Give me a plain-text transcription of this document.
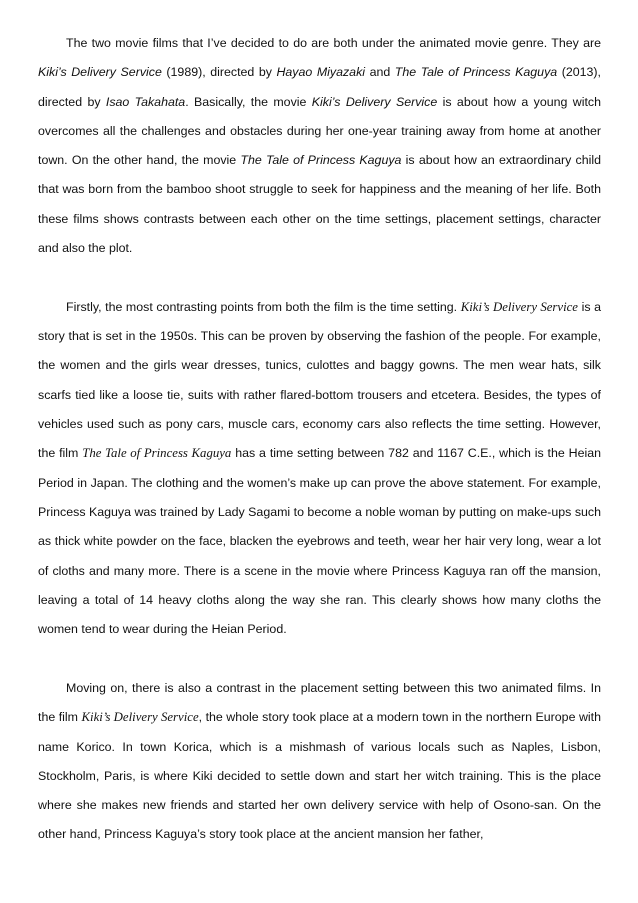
The two movie films that I’ve decided to do are both under the animated movie genre. They are Kiki’s Delivery Service (1989), directed by Hayao Miyazaki and The Tale of Princess Kaguya (2013), directed by Isao Takahata. Basically, the movie Kiki’s Delivery Service is about how a young witch overcomes all the challenges and obstacles during her one-year training away from home at another town. On the other hand, the movie The Tale of Princess Kaguya is about how an extraordinary child that was born from the bamboo shoot struggle to seek for happiness and the meaning of her life. Both these films shows contrasts between each other on the time settings, placement settings, character and also the plot.

Firstly, the most contrasting points from both the film is the time setting. Kiki’s Delivery Service is a story that is set in the 1950s. This can be proven by observing the fashion of the people. For example, the women and the girls wear dresses, tunics, culottes and baggy gowns. The men wear hats, silk scarfs tied like a loose tie, suits with rather flared-bottom trousers and etcetera. Besides, the types of vehicles used such as pony cars, muscle cars, economy cars also reflects the time setting. However, the film The Tale of Princess Kaguya has a time setting between 782 and 1167 C.E., which is the Heian Period in Japan. The clothing and the women’s make up can prove the above statement. For example, Princess Kaguya was trained by Lady Sagami to become a noble woman by putting on make-ups such as thick white powder on the face, blacken the eyebrows and teeth, wear her hair very long, wear a lot of cloths and many more. There is a scene in the movie where Princess Kaguya ran off the mansion, leaving a total of 14 heavy cloths along the way she ran. This clearly shows how many cloths the women tend to wear during the Heian Period.

Moving on, there is also a contrast in the placement setting between this two animated films. In the film Kiki’s Delivery Service, the whole story took place at a modern town in the northern Europe with name Korico. In town Korica, which is a mishmash of various locals such as Naples, Lisbon, Stockholm, Paris, is where Kiki decided to settle down and start her witch training. This is the place where she makes new friends and started her own delivery service with help of Osono-san. On the other hand, Princess Kaguya’s story took place at the ancient mansion her father,
